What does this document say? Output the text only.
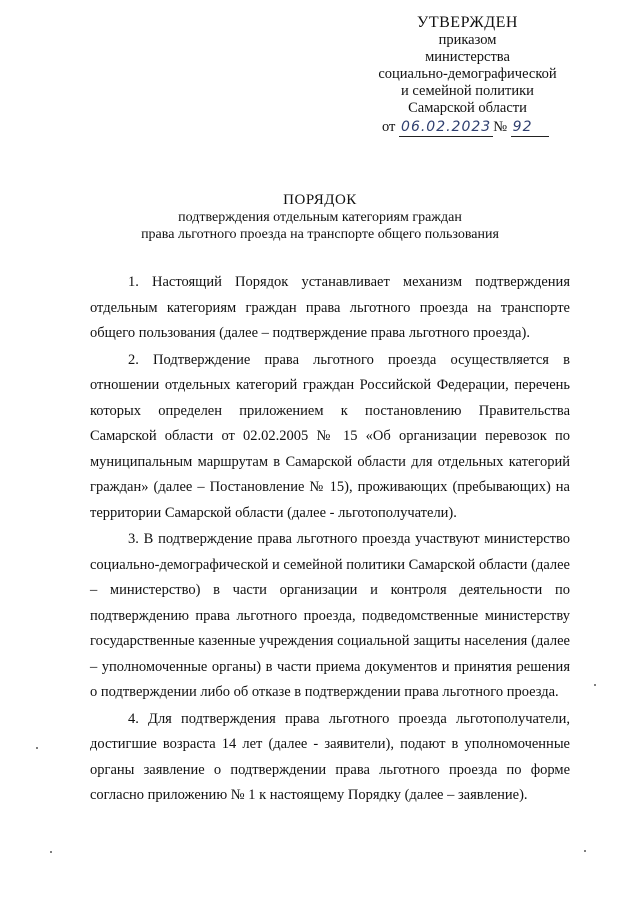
УТВЕРЖДЕН
приказом
министерства
социально-демографической
и семейной политики
Самарской области
от 06.02.2023 № 92
ПОРЯДОК
подтверждения отдельным категориям граждан
права льготного проезда на транспорте общего пользования

1. Настоящий Порядок устанавливает механизм подтверждения отдельным категориям граждан права льготного проезда на транспорте общего пользования (далее – подтверждение права льготного проезда).

2. Подтверждение права льготного проезда осуществляется в отношении отдельных категорий граждан Российской Федерации, перечень которых определен приложением к постановлению Правительства Самарской области от 02.02.2005 № 15 «Об организации перевозок по муниципальным маршрутам в Самарской области для отдельных категорий граждан» (далее – Постановление № 15), проживающих (пребывающих) на территории Самарской области (далее - льготополучатели).

3. В подтверждение права льготного проезда участвуют министерство социально-демографической и семейной политики Самарской области (далее – министерство) в части организации и контроля деятельности по подтверждению права льготного проезда, подведомственные министерству государственные казенные учреждения социальной защиты населения (далее – уполномоченные органы) в части приема документов и принятия решения о подтверждении либо об отказе в подтверждении права льготного проезда.

4. Для подтверждения права льготного проезда льготополучатели, достигшие возраста 14 лет (далее - заявители), подают в уполномоченные органы заявление о подтверждении права льготного проезда по форме согласно приложению № 1 к настоящему Порядку (далее – заявление).
